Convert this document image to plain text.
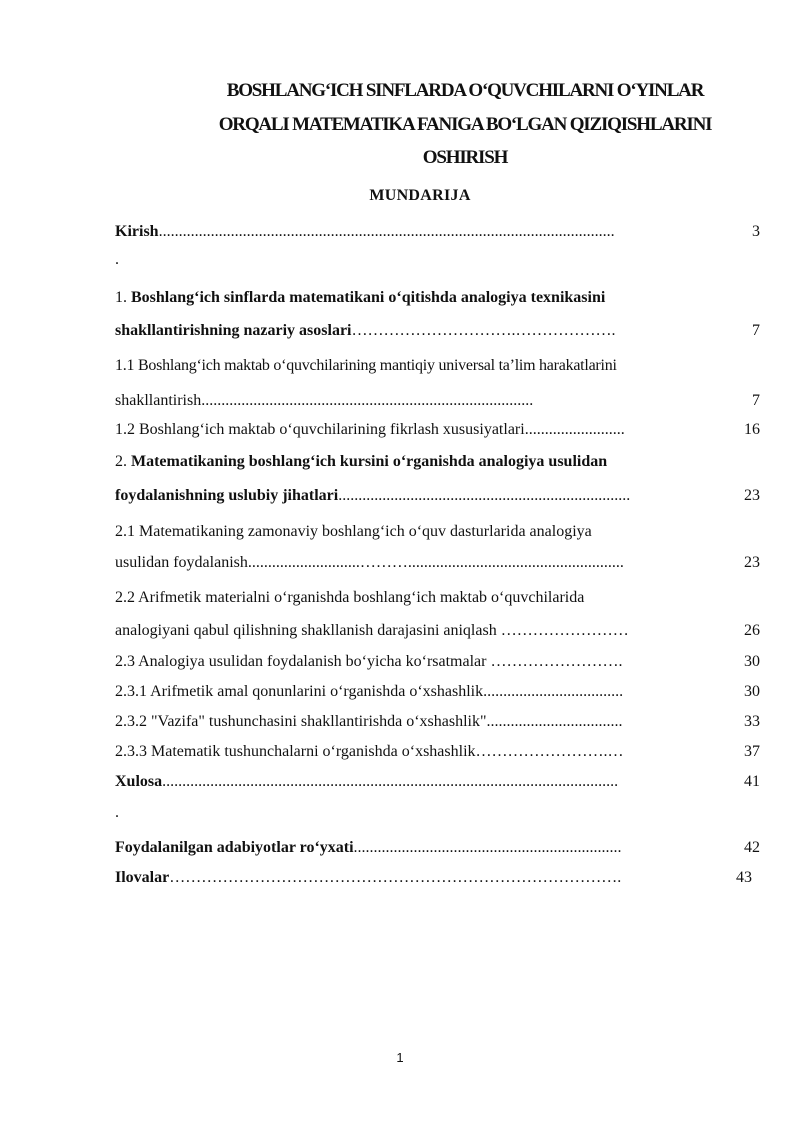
BOSHLANG‘ICH SINFLARDA O‘QUVCHILARNI O‘YINLAR
ORQALI MATEMATIKA FANIGA BO‘LGAN QIZIQISHLARINI
OSHIRISH
MUNDARIJA
Kirish..................................................................................................................	3
.
1. Boshlang‘ich sinflarda matematikani o‘qitishda analogiya texnikasini
shakllantirishning nazariy asoslari………………………….……………….	7
1.1 Boshlang‘ich maktab o‘quvchilarining mantiqiy universal ta’lim harakatlarini
shakllantirish...................................................................................	7
1.2 Boshlang‘ich maktab o‘quvchilarining fikrlash xususiyatlari.........................	16
2. Matematikaning boshlang‘ich kursini o‘rganishda analogiya usulidan
foydalanishning uslubiy jihatlari.........................................................................	23
2.1 Matematikaning zamonaviy boshlang‘ich o‘quv dasturlarida analogiya
usulidan foydalanish............................………......................................................	23
2.2 Arifmetik materialni o‘rganishda boshlang‘ich maktab o‘quvchilarida
analogiyani qabul qilishning shakllanish darajasini aniqlash ……………………	26
2.3 Analogiya usulidan foydalanish bo‘yicha ko‘rsatmalar …………………….	30
2.3.1 Arifmetik amal qonunlarini o‘rganishda o‘xshashlik...................................	30
2.3.2 "Vazifa" tushunchasini shakllantirishda o‘xshashlik"..................................	33
2.3.3 Matematik tushunchalarni o‘rganishda o‘xshashlik…………………….…	37
Xulosa..................................................................................................................	41
.
Foydalanilgan adabiyotlar ro‘yxati...................................................................	42
Ilovalar………………………………………………………………………….	43
1
